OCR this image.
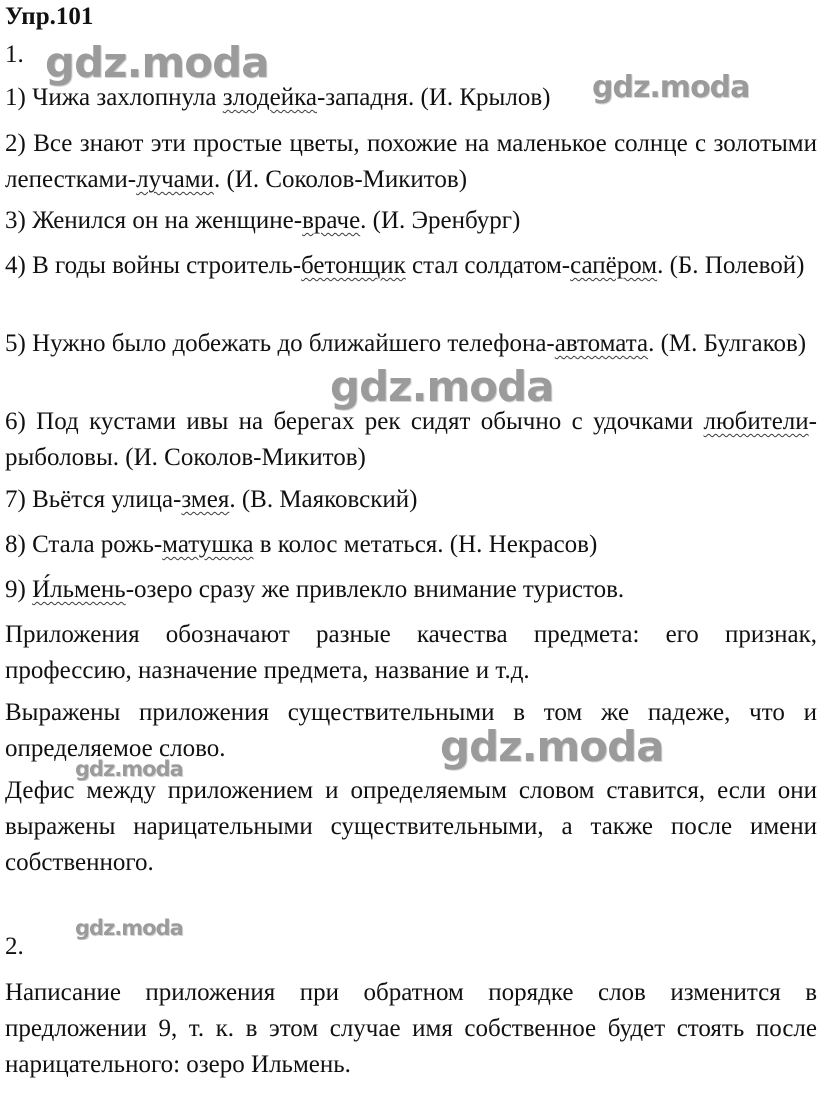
Упр.101

1.

1) Чижа захлопнула злодейка-западня. (И. Крылов)

2) Все знают эти простые цветы, похожие на маленькое солнце с золотыми лепестками-лучами. (И. Соколов-Микитов)

3) Женился он на женщине-враче. (И. Эренбург)

4) В годы войны строитель-бетонщик стал солдатом-сапёром. (Б. Полевой)

5) Нужно было добежать до ближайшего телефона-автомата. (М. Булгаков)

6) Под кустами ивы на берегах рек сидят обычно с удочками любители-рыболовы. (И. Соколов-Микитов)

7) Вьётся улица-змея. (В. Маяковский)

8) Стала рожь-матушка в колос метаться. (Н. Некрасов)

9) И́льмень-озеро сразу же привлекло внимание туристов.

Приложения обозначают разные качества предмета: его признак, профессию, назначение предмета, название и т.д.

Выражены приложения существительными в том же падеже, что и определяемое слово.

Дефис между приложением и определяемым словом ставится, если они выражены нарицательными существительными, а также после имени собственного.

2.

Написание приложения при обратном порядке слов изменится в предложении 9, т. к. в этом случае имя собственное будет стоять после нарицательного: озеро Ильмень.

gdz.moda
gdz.moda
gdz.moda
gdz.moda
gdz.moda
gdz.moda
